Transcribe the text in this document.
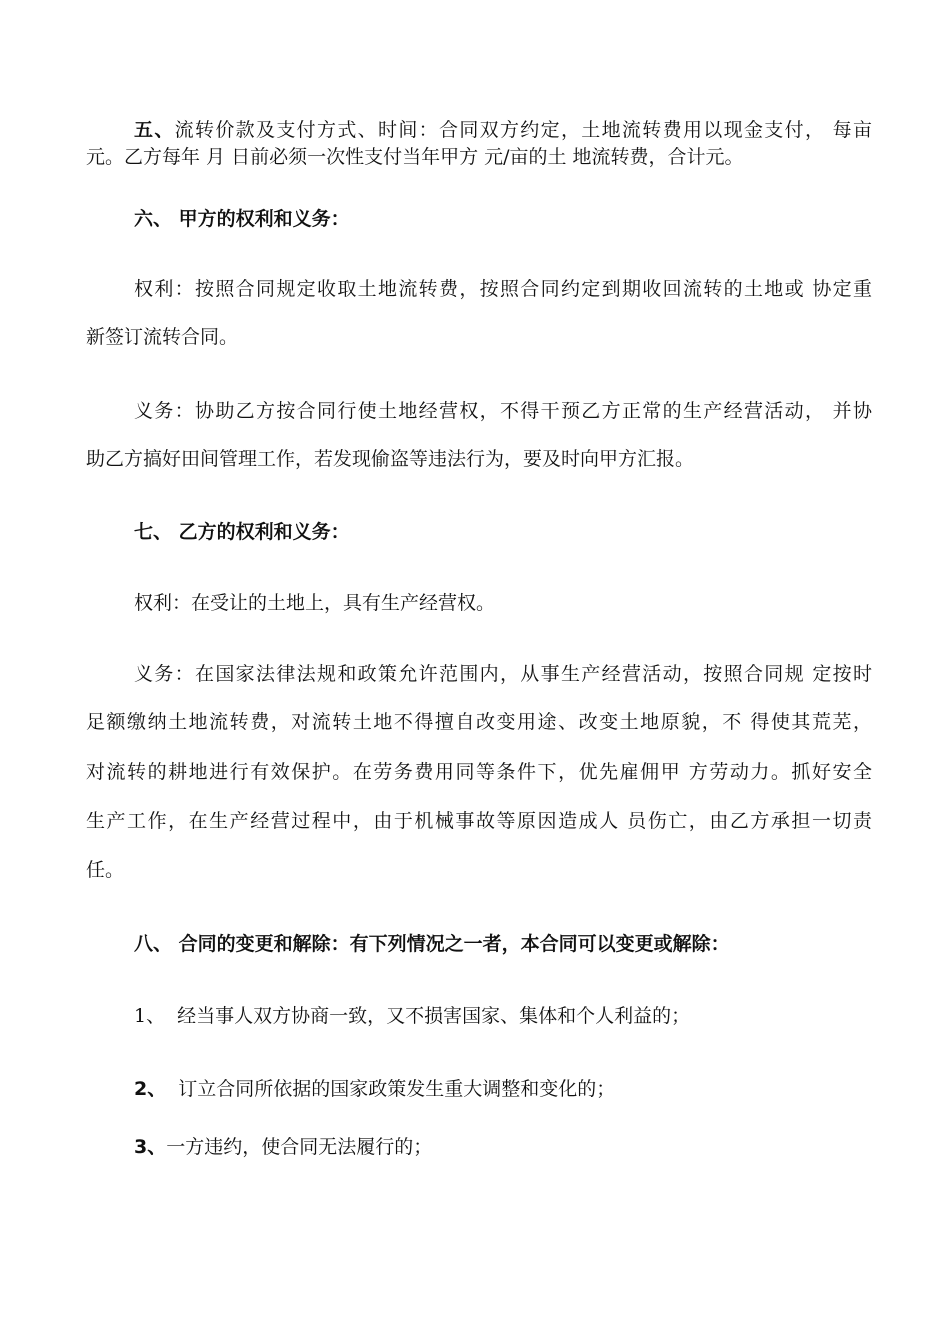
五、流转价款及支付方式、时间：合同双方约定，土地流转费用以现金支付， 每亩
元。乙方每年 月 日前必须一次性支付当年甲方 元/亩的土 地流转费，合计元。
六、 甲方的权利和义务：
权利：按照合同规定收取土地流转费，按照合同约定到期收回流转的土地或 协定重
新签订流转合同。
义务：协助乙方按合同行使土地经营权，不得干预乙方正常的生产经营活动， 并协
助乙方搞好田间管理工作，若发现偷盗等违法行为，要及时向甲方汇报。
七、 乙方的权利和义务：
权利：在受让的土地上，具有生产经营权。
义务：在国家法律法规和政策允许范围内，从事生产经营活动，按照合同规 定按时
足额缴纳土地流转费，对流转土地不得擅自改变用途、改变土地原貌，不 得使其荒芜，
对流转的耕地进行有效保护。在劳务费用同等条件下，优先雇佣甲 方劳动力。抓好安全
生产工作，在生产经营过程中，由于机械事故等原因造成人 员伤亡，由乙方承担一切责
任。
八、 合同的变更和解除：有下列情况之一者，本合同可以变更或解除：
1、 经当事人双方协商一致，又不损害国家、集体和个人利益的；
2、 订立合同所依据的国家政策发生重大调整和变化的；
3、一方违约，使合同无法履行的；
